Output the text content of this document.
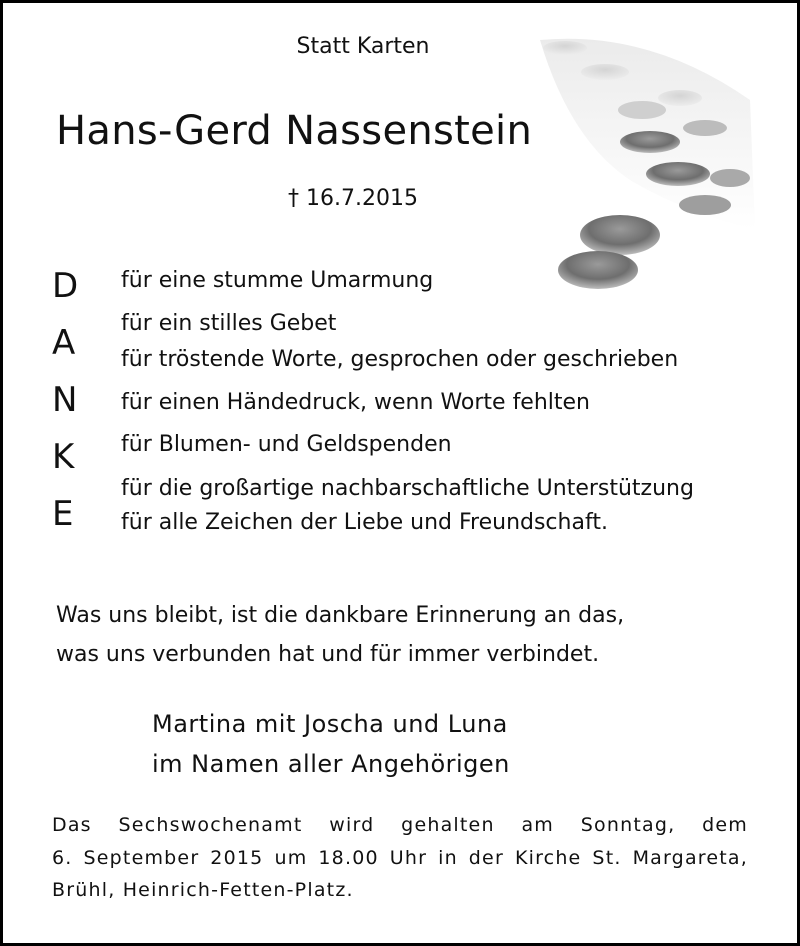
Statt Karten
Hans-Gerd Nassenstein
† 16.7.2015
D
A
N
K
E
für eine stumme Umarmung
für ein stilles Gebet
für tröstende Worte, gesprochen oder geschrieben
für einen Händedruck, wenn Worte fehlten
für Blumen- und Geldspenden
für die großartige nachbarschaftliche Unterstützung
für alle Zeichen der Liebe und Freundschaft.
Was uns bleibt, ist die dankbare Erinnerung an das,
was uns verbunden hat und für immer verbindet.
Martina mit Joscha und Luna
im Namen aller Angehörigen
Das Sechswochenamt wird gehalten am Sonntag, dem
6. September 2015 um 18.00 Uhr in der Kirche St. Margareta,
Brühl, Heinrich-Fetten-Platz.
